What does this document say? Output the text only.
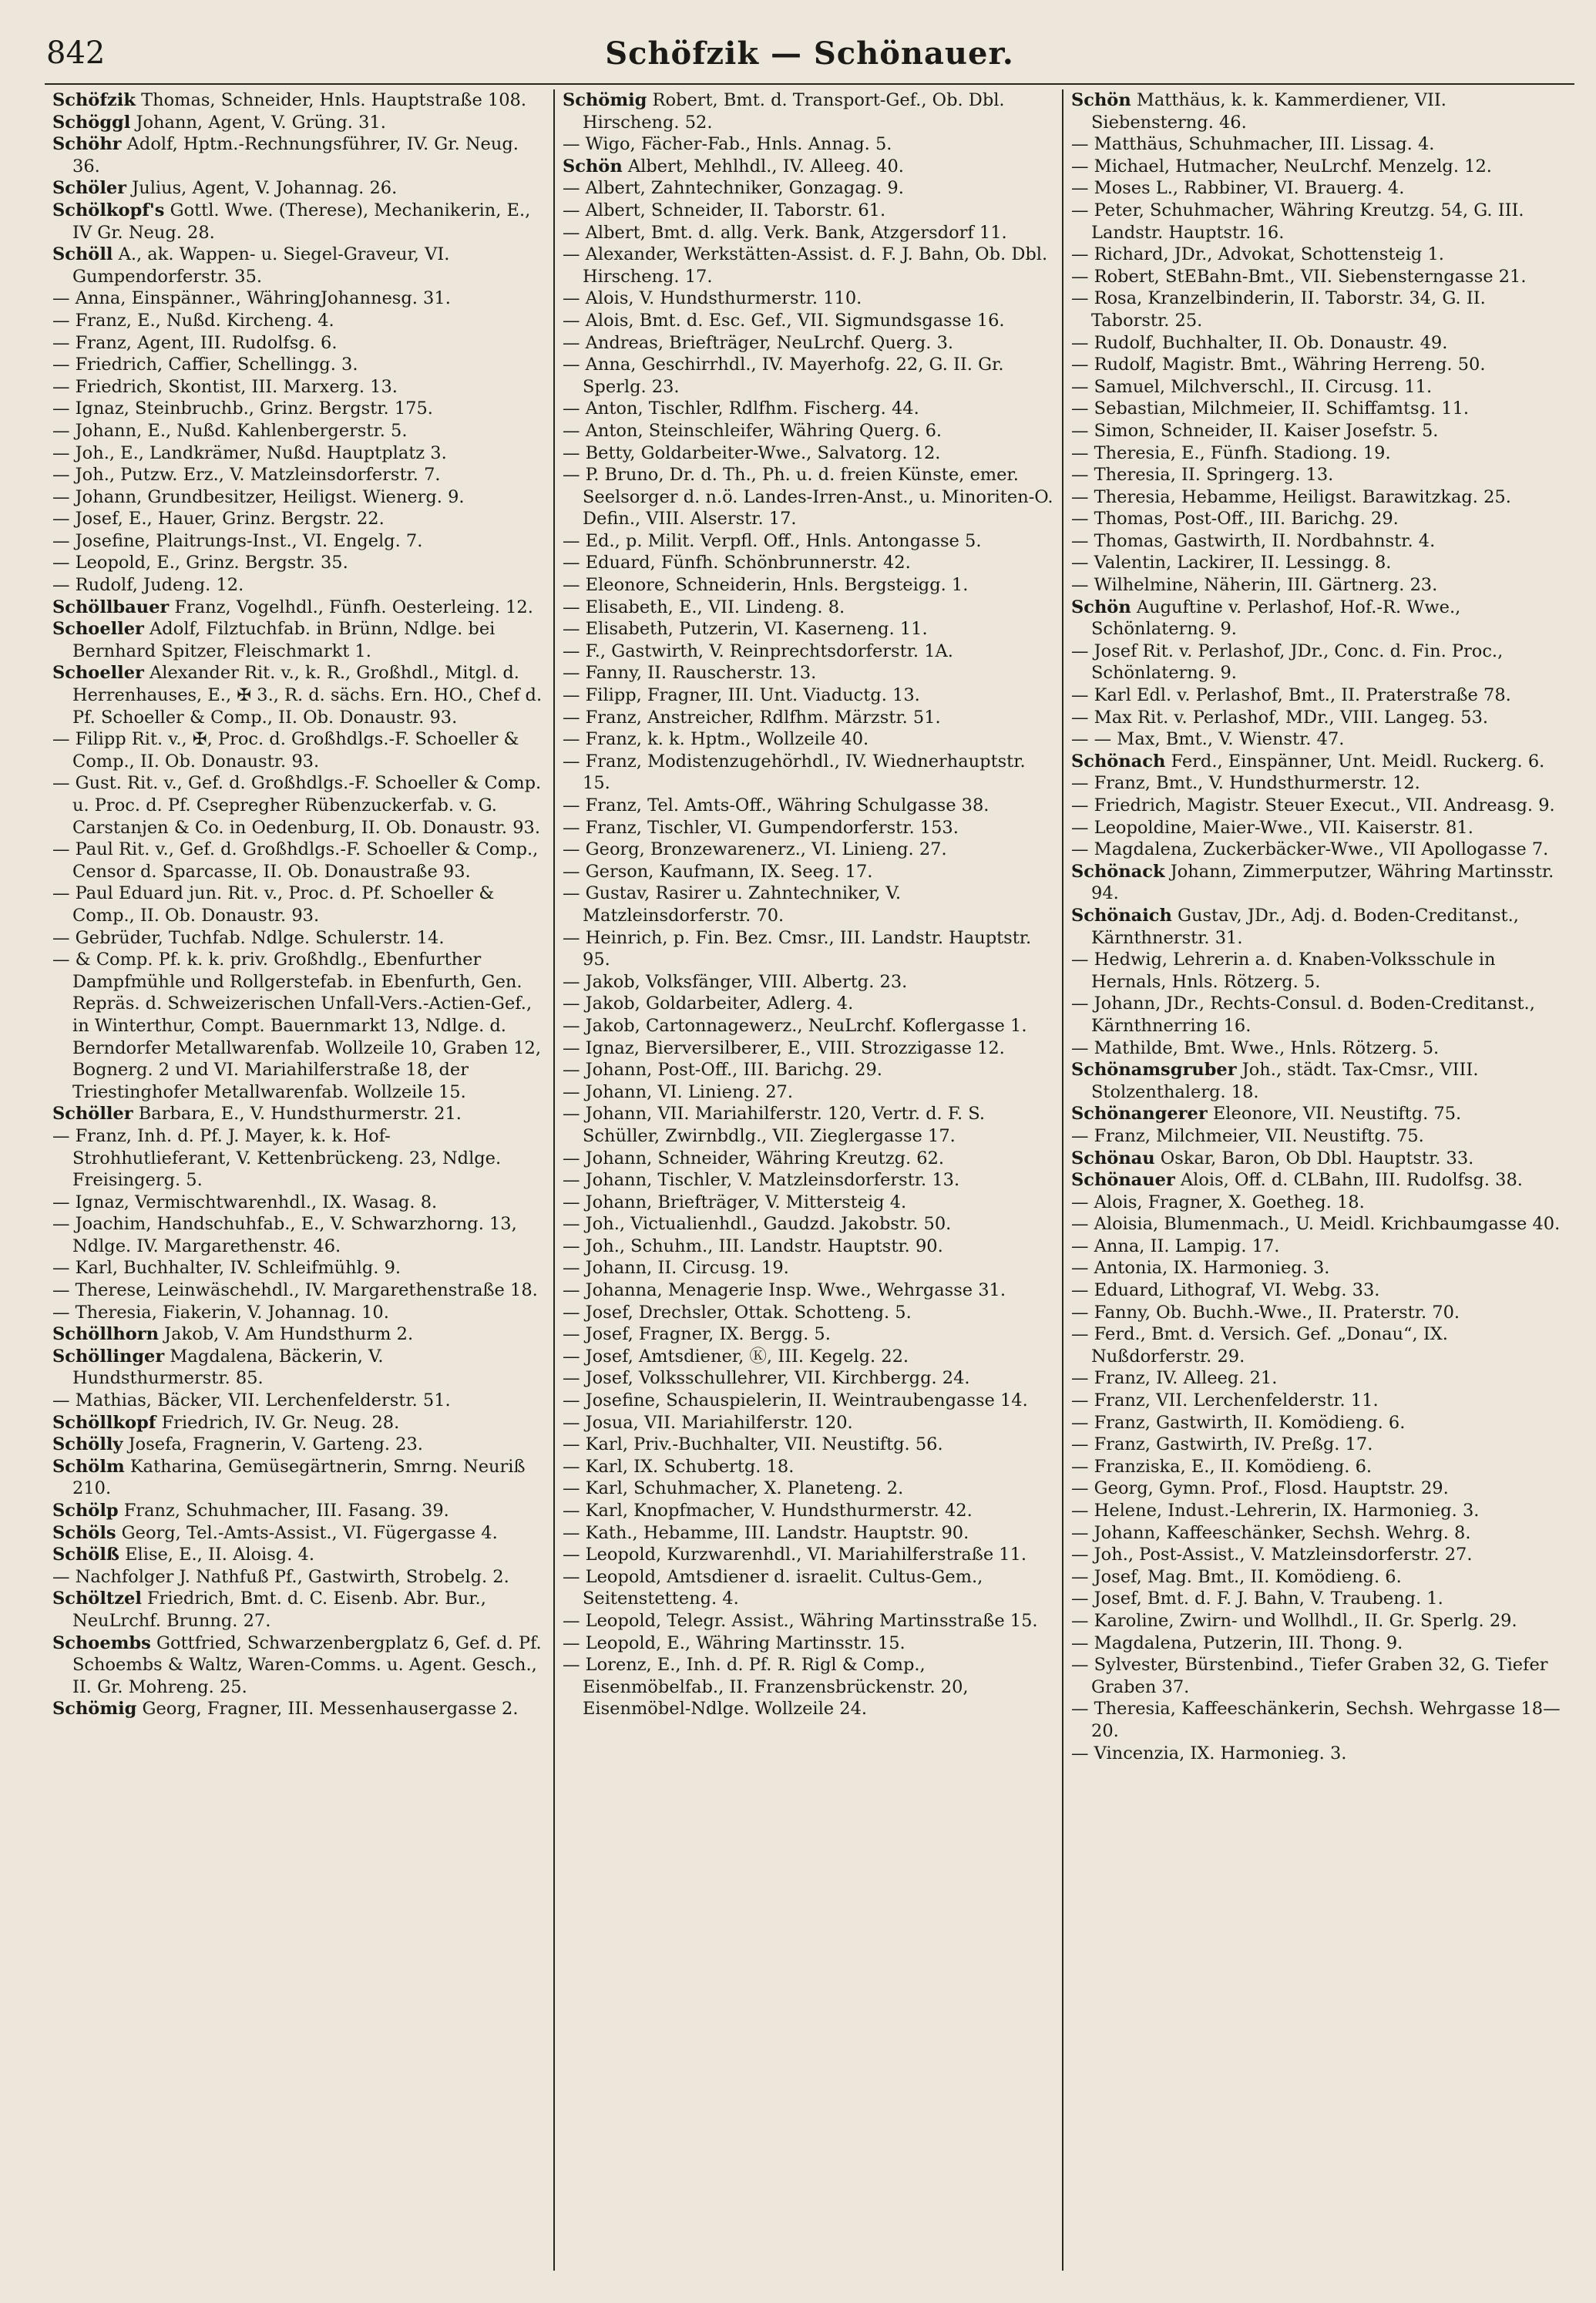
842	Schöfzik — Schönauer.
Schöfzik Thomas, Schneider, Hnls. Hauptstraße 108.
Schöggl Johann, Agent, V. Grüng. 31.
Schöhr Adolf, Hptm.-Rechnungsführer, IV. Gr. Neug. 36.
Schöler Julius, Agent, V. Johannag. 26.
Schölkopf's Gottl. Wwe. (Therese), Mechanikerin, E., IV Gr. Neug. 28.
Schöll A., ak. Wappen- u. Siegel-Graveur, VI. Gumpendorferstr. 35.
— Anna, Einspänner., WähringJohannesg. 31.
— Franz, E., Nußd. Kircheng. 4.
— Franz, Agent, III. Rudolfsg. 6.
— Friedrich, Caffier, Schellingg. 3.
— Friedrich, Skontist, III. Marxerg. 13.
— Ignaz, Steinbruchb., Grinz. Bergstr. 175.
— Johann, E., Nußd. Kahlenbergerstr. 5.
— Joh., E., Landkrämer, Nußd. Hauptplatz 3.
— Joh., Putzw. Erz., V. Matzleinsdorferstr. 7.
— Johann, Grundbesitzer, Heiligst. Wienerg. 9.
— Josef, E., Hauer, Grinz. Bergstr. 22.
— Josefine, Plaitrungs-Inst., VI. Engelg. 7.
— Leopold, E., Grinz. Bergstr. 35.
— Rudolf, Judeng. 12.
Schöllbauer Franz, Vogelhdl., Fünfh. Oesterleing. 12.
Schoeller Adolf, Filztuchfab. in Brünn, Ndlge. bei Bernhard Spitzer, Fleischmarkt 1.
Schoeller Alexander Rit. v., k. R., Großhdl., Mitgl. d. Herrenhauses, E., ✠ 3., R. d. sächs. Ern. HO., Chef d. Pf. Schoeller & Comp., II. Ob. Donaustr. 93.
— Filipp Rit. v., ✠, Proc. d. Großhdlgs.-F. Schoeller & Comp., II. Ob. Donaustr. 93.
— Gust. Rit. v., Gef. d. Großhdlgs.-F. Schoeller & Comp. u. Proc. d. Pf. Csepregher Rübenzuckerfab. v. G. Carstanjen & Co. in Oedenburg, II. Ob. Donaustr. 93.
— Paul Rit. v., Gef. d. Großhdlgs.-F. Schoeller & Comp., Censor d. Sparcasse, II. Ob. Donaustraße 93.
— Paul Eduard jun. Rit. v., Proc. d. Pf. Schoeller & Comp., II. Ob. Donaustr. 93.
— Gebrüder, Tuchfab. Ndlge. Schulerstr. 14.
— & Comp. Pf. k. k. priv. Großhdlg., Ebenfurther Dampfmühle und Rollgerstefab. in Ebenfurth, Gen. Repräs. d. Schweizerischen Unfall-Vers.-Actien-Gef., in Winterthur, Compt. Bauernmarkt 13, Ndlge. d. Berndorfer Metallwarenfab. Wollzeile 10, Graben 12, Bognerg. 2 und VI. Mariahilferstraße 18, der Triestinghofer Metallwarenfab. Wollzeile 15.
Schöller Barbara, E., V. Hundsthurmerstr. 21.
— Franz, Inh. d. Pf. J. Mayer, k. k. Hof-Strohhutlieferant, V. Kettenbrückeng. 23, Ndlge. Freisingerg. 5.
— Ignaz, Vermischtwarenhdl., IX. Wasag. 8.
— Joachim, Handschuhfab., E., V. Schwarzhorng. 13, Ndlge. IV. Margarethenstr. 46.
— Karl, Buchhalter, IV. Schleifmühlg. 9.
— Therese, Leinwäschehdl., IV. Margarethenstraße 18.
— Theresia, Fiakerin, V. Johannag. 10.
Schöllhorn Jakob, V. Am Hundsthurm 2.
Schöllinger Magdalena, Bäckerin, V. Hundsthurmerstr. 85.
— Mathias, Bäcker, VII. Lerchenfelderstr. 51.
Schöllkopf Friedrich, IV. Gr. Neug. 28.
Schölly Josefa, Fragnerin, V. Garteng. 23.
Schölm Katharina, Gemüsegärtnerin, Smrng. Neuriß 210.
Schölp Franz, Schuhmacher, III. Fasang. 39.
Schöls Georg, Tel.-Amts-Assist., VI. Fügergasse 4.
Schölß Elise, E., II. Aloisg. 4.
— Nachfolger J. Nathfuß Pf., Gastwirth, Strobelg. 2.
Schöltzel Friedrich, Bmt. d. C. Eisenb. Abr. Bur., NeuLrchf. Brunng. 27.
Schoembs Gottfried, Schwarzenbergplatz 6, Gef. d. Pf. Schoembs & Waltz, Waren-Comms. u. Agent. Gesch., II. Gr. Mohreng. 25.
Schömig Georg, Fragner, III. Messenhausergasse 2.
Schömig Robert, Bmt. d. Transport-Gef., Ob. Dbl. Hirscheng. 52.
— Wigo, Fächer-Fab., Hnls. Annag. 5.
Schön Albert, Mehlhdl., IV. Alleeg. 40.
— Albert, Zahntechniker, Gonzagag. 9.
— Albert, Schneider, II. Taborstr. 61.
— Albert, Bmt. d. allg. Verk. Bank, Atzgersdorf 11.
— Alexander, Werkstätten-Assist. d. F. J. Bahn, Ob. Dbl. Hirscheng. 17.
— Alois, V. Hundsthurmerstr. 110.
— Alois, Bmt. d. Esc. Gef., VII. Sigmundsgasse 16.
— Andreas, Briefträger, NeuLrchf. Querg. 3.
— Anna, Geschirrhdl., IV. Mayerhofg. 22, G. II. Gr. Sperlg. 23.
— Anton, Tischler, Rdlfhm. Fischerg. 44.
— Anton, Steinschleifer, Währing Querg. 6.
— Betty, Goldarbeiter-Wwe., Salvatorg. 12.
— P. Bruno, Dr. d. Th., Ph. u. d. freien Künste, emer. Seelsorger d. n.ö. Landes-Irren-Anst., u. Minoriten-O. Defin., VIII. Alserstr. 17.
— Ed., p. Milit. Verpfl. Off., Hnls. Antongasse 5.
— Eduard, Fünfh. Schönbrunnerstr. 42.
— Eleonore, Schneiderin, Hnls. Bergsteigg. 1.
— Elisabeth, E., VII. Lindeng. 8.
— Elisabeth, Putzerin, VI. Kaserneng. 11.
— F., Gastwirth, V. Reinprechtsdorferstr. 1A.
— Fanny, II. Rauscherstr. 13.
— Filipp, Fragner, III. Unt. Viaductg. 13.
— Franz, Anstreicher, Rdlfhm. Märzstr. 51.
— Franz, k. k. Hptm., Wollzeile 40.
— Franz, Modistenzugehörhdl., IV. Wiednerhauptstr. 15.
— Franz, Tel. Amts-Off., Währing Schulgasse 38.
— Franz, Tischler, VI. Gumpendorferstr. 153.
— Georg, Bronzewarenerz., VI. Linieng. 27.
— Gerson, Kaufmann, IX. Seeg. 17.
— Gustav, Rasirer u. Zahntechniker, V. Matzleinsdorferstr. 70.
— Heinrich, p. Fin. Bez. Cmsr., III. Landstr. Hauptstr. 95.
— Jakob, Volksfänger, VIII. Albertg. 23.
— Jakob, Goldarbeiter, Adlerg. 4.
— Jakob, Cartonnagewerz., NeuLrchf. Koflergasse 1.
— Ignaz, Bierversilberer, E., VIII. Strozzigasse 12.
— Johann, Post-Off., III. Barichg. 29.
— Johann, VI. Linieng. 27.
— Johann, VII. Mariahilferstr. 120, Vertr. d. F. S. Schüller, Zwirnbdlg., VII. Zieglergasse 17.
— Johann, Schneider, Währing Kreutzg. 62.
— Johann, Tischler, V. Matzleinsdorferstr. 13.
— Johann, Briefträger, V. Mittersteig 4.
— Joh., Victualienhdl., Gaudzd. Jakobstr. 50.
— Joh., Schuhm., III. Landstr. Hauptstr. 90.
— Johann, II. Circusg. 19.
— Johanna, Menagerie Insp. Wwe., Wehrgasse 31.
— Josef, Drechsler, Ottak. Schotteng. 5.
— Josef, Fragner, IX. Bergg. 5.
— Josef, Amtsdiener, Ⓚ, III. Kegelg. 22.
— Josef, Volksschullehrer, VII. Kirchbergg. 24.
— Josefine, Schauspielerin, II. Weintraubengasse 14.
— Josua, VII. Mariahilferstr. 120.
— Karl, Priv.-Buchhalter, VII. Neustiftg. 56.
— Karl, IX. Schubertg. 18.
— Karl, Schuhmacher, X. Planeteng. 2.
— Karl, Knopfmacher, V. Hundsthurmerstr. 42.
— Kath., Hebamme, III. Landstr. Hauptstr. 90.
— Leopold, Kurzwarenhdl., VI. Mariahilferstraße 11.
— Leopold, Amtsdiener d. israelit. Cultus-Gem., Seitenstetteng. 4.
— Leopold, Telegr. Assist., Währing Martinsstraße 15.
— Leopold, E., Währing Martinsstr. 15.
— Lorenz, E., Inh. d. Pf. R. Rigl & Comp., Eisenmöbelfab., II. Franzensbrückenstr. 20, Eisenmöbel-Ndlge. Wollzeile 24.
Schön Matthäus, k. k. Kammerdiener, VII. Siebensterng. 46.
— Matthäus, Schuhmacher, III. Lissag. 4.
— Michael, Hutmacher, NeuLrchf. Menzelg. 12.
— Moses L., Rabbiner, VI. Brauerg. 4.
— Peter, Schuhmacher, Währing Kreutzg. 54, G. III. Landstr. Hauptstr. 16.
— Richard, JDr., Advokat, Schottensteig 1.
— Robert, StEBahn-Bmt., VII. Siebensterngasse 21.
— Rosa, Kranzelbinderin, II. Taborstr. 34, G. II. Taborstr. 25.
— Rudolf, Buchhalter, II. Ob. Donaustr. 49.
— Rudolf, Magistr. Bmt., Währing Herreng. 50.
— Samuel, Milchverschl., II. Circusg. 11.
— Sebastian, Milchmeier, II. Schiffamtsg. 11.
— Simon, Schneider, II. Kaiser Josefstr. 5.
— Theresia, E., Fünfh. Stadiong. 19.
— Theresia, II. Springerg. 13.
— Theresia, Hebamme, Heiligst. Barawitzkag. 25.
— Thomas, Post-Off., III. Barichg. 29.
— Thomas, Gastwirth, II. Nordbahnstr. 4.
— Valentin, Lackirer, II. Lessingg. 8.
— Wilhelmine, Näherin, III. Gärtnerg. 23.
Schön Auguftine v. Perlashof, Hof.-R. Wwe., Schönlaterng. 9.
— Josef Rit. v. Perlashof, JDr., Conc. d. Fin. Proc., Schönlaterng. 9.
— Karl Edl. v. Perlashof, Bmt., II. Praterstraße 78.
— Max Rit. v. Perlashof, MDr., VIII. Langeg. 53.
— — Max, Bmt., V. Wienstr. 47.
Schönach Ferd., Einspänner, Unt. Meidl. Ruckerg. 6.
— Franz, Bmt., V. Hundsthurmerstr. 12.
— Friedrich, Magistr. Steuer Execut., VII. Andreasg. 9.
— Leopoldine, Maier-Wwe., VII. Kaiserstr. 81.
— Magdalena, Zuckerbäcker-Wwe., VII Apollogasse 7.
Schönack Johann, Zimmerputzer, Währing Martinsstr. 94.
Schönaich Gustav, JDr., Adj. d. Boden-Creditanst., Kärnthnerstr. 31.
— Hedwig, Lehrerin a. d. Knaben-Volksschule in Hernals, Hnls. Rötzerg. 5.
— Johann, JDr., Rechts-Consul. d. Boden-Creditanst., Kärnthnerring 16.
— Mathilde, Bmt. Wwe., Hnls. Rötzerg. 5.
Schönamsgruber Joh., städt. Tax-Cmsr., VIII. Stolzenthalerg. 18.
Schönangerer Eleonore, VII. Neustiftg. 75.
— Franz, Milchmeier, VII. Neustiftg. 75.
Schönau Oskar, Baron, Ob Dbl. Hauptstr. 33.
Schönauer Alois, Off. d. CLBahn, III. Rudolfsg. 38.
— Alois, Fragner, X. Goetheg. 18.
— Aloisia, Blumenmach., U. Meidl. Krichbaumgasse 40.
— Anna, II. Lampig. 17.
— Antonia, IX. Harmonieg. 3.
— Eduard, Lithograf, VI. Webg. 33.
— Fanny, Ob. Buchh.-Wwe., II. Praterstr. 70.
— Ferd., Bmt. d. Versich. Gef. „Donau“, IX. Nußdorferstr. 29.
— Franz, IV. Alleeg. 21.
— Franz, VII. Lerchenfelderstr. 11.
— Franz, Gastwirth, II. Komödieng. 6.
— Franz, Gastwirth, IV. Preßg. 17.
— Franziska, E., II. Komödieng. 6.
— Georg, Gymn. Prof., Flosd. Hauptstr. 29.
— Helene, Indust.-Lehrerin, IX. Harmonieg. 3.
— Johann, Kaffeeschänker, Sechsh. Wehrg. 8.
— Joh., Post-Assist., V. Matzleinsdorferstr. 27.
— Josef, Mag. Bmt., II. Komödieng. 6.
— Josef, Bmt. d. F. J. Bahn, V. Traubeng. 1.
— Karoline, Zwirn- und Wollhdl., II. Gr. Sperlg. 29.
— Magdalena, Putzerin, III. Thong. 9.
— Sylvester, Bürstenbind., Tiefer Graben 32, G. Tiefer Graben 37.
— Theresia, Kaffeeschänkerin, Sechsh. Wehrgasse 18—20.
— Vincenzia, IX. Harmonieg. 3.
